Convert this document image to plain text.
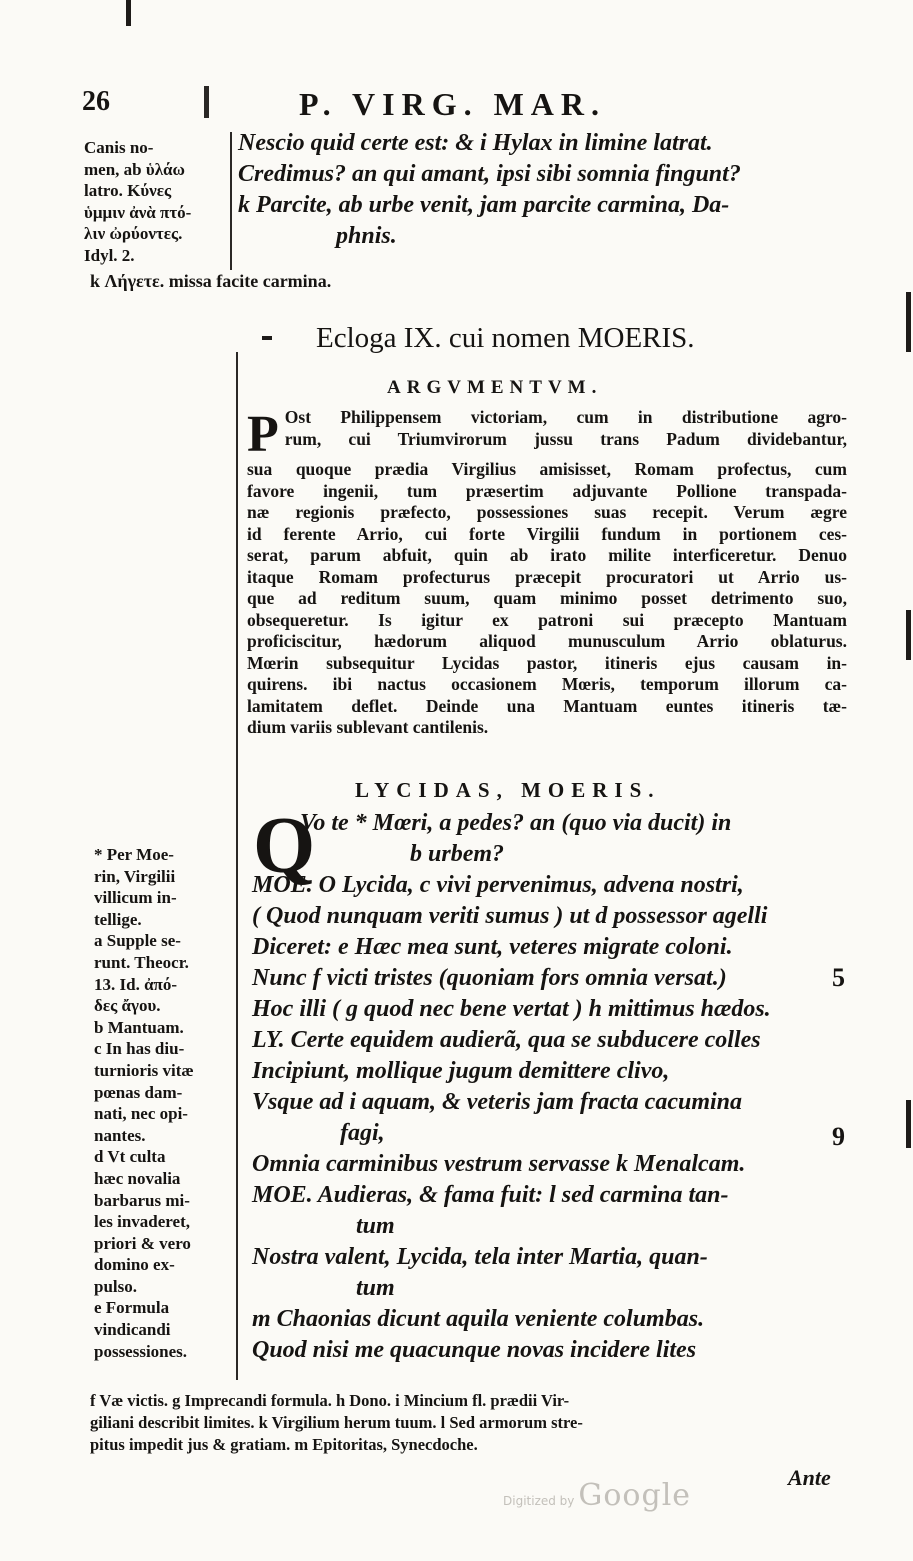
26	P. VIRG. MAR.
Canis no-
men, ab ὑλάω
latro. Κύνες
ὑμμιν ἀνὰ πτό-
λιν ὠρύοντες.
Idyl. 2.
Nescio quid certe est: & i Hylax in limine latrat.
Credimus? an qui amant, ipsi sibi somnia fingunt?
k Parcite, ab urbe venit, jam parcite carmina, Da-
phnis.
k Λήγετε. missa facite carmina.
Ecloga IX. cui nomen MOERIS.
ARGVMENTVM.
P Ost Philippensem victoriam, cum in distributione agro-
rum, cui Triumvirorum jussu trans Padum dividebantur,
sua quoque prædia Virgilius amisisset, Romam profectus, cum
favore ingenii, tum præsertim adjuvante Pollione transpada-
næ regionis præfecto, possessiones suas recepit. Verum ægre
id ferente Arrio, cui forte Virgilii fundum in portionem ces-
serat, parum abfuit, quin ab irato milite interficeretur. Denuo
itaque Romam profecturus præcepit procuratori ut Arrio us-
que ad reditum suum, quam minimo posset detrimento suo,
obsequeretur. Is igitur ex patroni sui præcepto Mantuam
proficiscitur, hædorum aliquod munusculum Arrio oblaturus.
Mœrin subsequitur Lycidas pastor, itineris ejus causam in-
quirens. ibi nactus occasionem Mœris, temporum illorum ca-
lamitatem deflet. Deinde una Mantuam euntes itineris tæ-
dium variis sublevant cantilenis.
LYCIDAS, MOERIS.
* Per Moe-
rin, Virgilii
villicum in-
tellige.
a Supple se-
runt. Theocr.
13. Id. ἀπό-
δες ἄγου.
b Mantuam.
c In has diu-
turnioris vitæ
pœnas dam-
nati, nec opi-
nantes.
d Vt culta
hæc novalia
barbarus mi-
les invaderet,
priori & vero
domino ex-
pulso.
e Formula
vindicandi
possessiones.
Q
Vo te * Mœri, a pedes? an (quo via ducit) in
b urbem?
MOE. O Lycida, c vivi pervenimus, advena nostri,
( Quod nunquam veriti sumus ) ut d possessor agelli
Diceret: e Hæc mea sunt, veteres migrate coloni.
Nunc f victi tristes (quoniam fors omnia versat.)
Hoc illi ( g quod nec bene vertat ) h mittimus hædos.
LY. Certe equidem audierã, qua se subducere colles
Incipiunt, mollique jugum demittere clivo,
Vsque ad i aquam, & veteris jam fracta cacumina
fagi,
Omnia carminibus vestrum servasse k Menalcam.
MOE. Audieras, & fama fuit: l sed carmina tan-
tum
Nostra valent, Lycida, tela inter Martia, quan-
tum
m Chaonias dicunt aquila veniente columbas.
Quod nisi me quacunque novas incidere lites
5
9
f Væ victis. g Imprecandi formula. h Dono. i Mincium fl. prædii Vir-
giliani describit limites. k Virgilium herum tuum. l Sed armorum stre-
pitus impedit jus & gratiam. m Epitoritas, Synecdoche.
Ante
Digitized by Google
